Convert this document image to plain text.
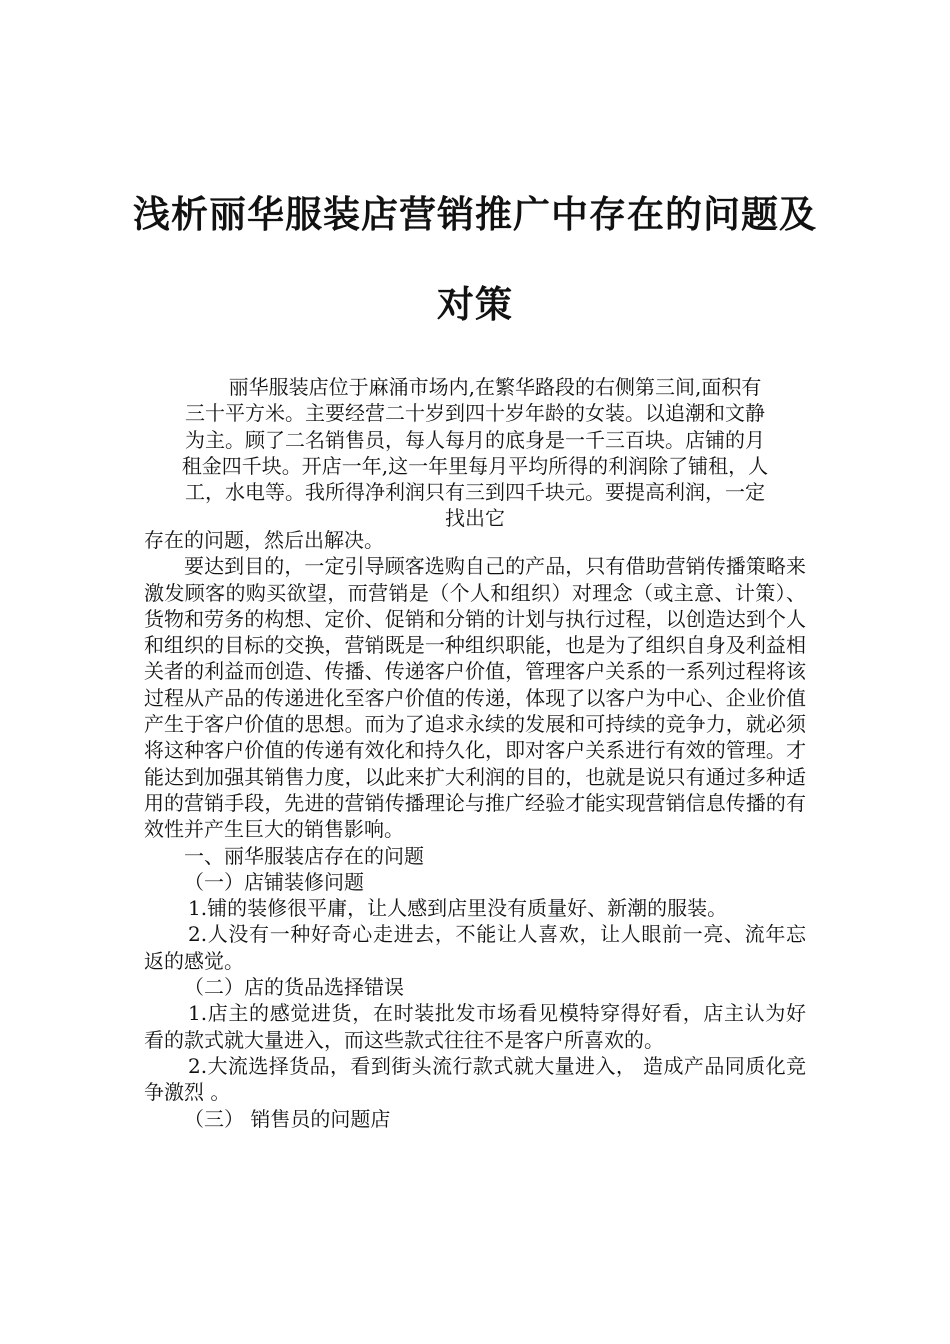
浅析丽华服装店营销推广中存在的问题及
对策
丽华服装店位于麻涌市场内,在繁华路段的右侧第三间,面积有
三十平方米。主要经营二十岁到四十岁年龄的女装。以追潮和文静
为主。顾了二名销售员，每人每月的底身是一千三百块。店铺的月
租金四千块。开店一年,这一年里每月平均所得的利润除了铺租，人
工，水电等。我所得净利润只有三到四千块元。要提高利润，一定
找出它

存在的问题，然后出解决。

要达到目的，一定引导顾客选购自己的产品，只有借助营销传播策略来激发顾客的购买欲望，而营销是（个人和组织）对理念（或主意、计策）、货物和劳务的构想、定价、促销和分销的计划与执行过程，以创造达到个人和组织的目标的交换，营销既是一种组织职能，也是为了组织自身及利益相关者的利益而创造、传播、传递客户价值，管理客户关系的一系列过程将该过程从产品的传递进化至客户价值的传递，体现了以客户为中心、企业价值产生于客户价值的思想。而为了追求永续的发展和可持续的竞争力，就必须将这种客户价值的传递有效化和持久化，即对客户关系进行有效的管理。才能达到加强其销售力度，以此来扩大利润的目的，也就是说只有通过多种适用的营销手段，先进的营销传播理论与推广经验才能实现营销信息传播的有效性并产生巨大的销售影响。

一、丽华服装店存在的问题

（一）店铺装修问题

1.铺的装修很平庸，让人感到店里没有质量好、新潮的服装。

2.人没有一种好奇心走进去，不能让人喜欢，让人眼前一亮、流年忘返的感觉。

（二）店的货品选择错误

1.店主的感觉进货，在时装批发市场看见模特穿得好看，店主认为好看的款式就大量进入，而这些款式往往不是客户所喜欢的。

2.大流选择货品，看到街头流行款式就大量进入， 造成产品同质化竞争激烈 。

（三） 销售员的问题店
